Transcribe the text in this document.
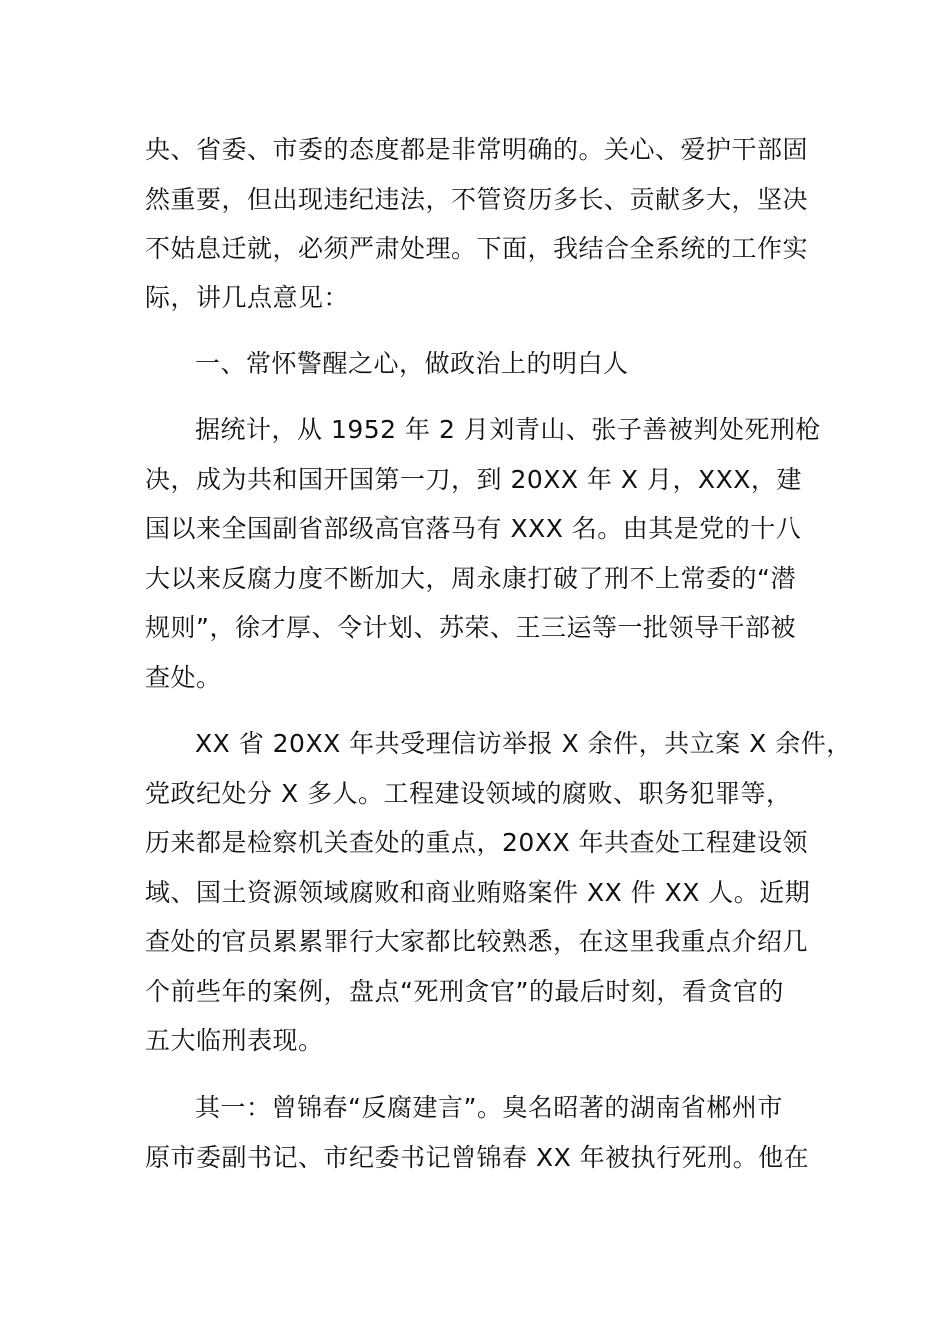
央、省委、市委的态度都是非常明确的。关心、爱护干部固
然重要，但出现违纪违法，不管资历多长、贡献多大，坚决
不姑息迁就，必须严肃处理。下面，我结合全系统的工作实
际，讲几点意见：
一、常怀警醒之心，做政治上的明白人
据统计，从 1952 年 2 月刘青山、张子善被判处死刑枪
决，成为共和国开国第一刀，到 20XX 年 X 月，XXX，建
国以来全国副省部级高官落马有 XXX 名。由其是党的十八
大以来反腐力度不断加大，周永康打破了刑不上常委的“潜
规则”，徐才厚、令计划、苏荣、王三运等一批领导干部被
查处。
XX 省 20XX 年共受理信访举报 X 余件，共立案 X 余件，
党政纪处分 X 多人。工程建设领域的腐败、职务犯罪等，
历来都是检察机关查处的重点，20XX 年共查处工程建设领
域、国土资源领域腐败和商业贿赂案件 XX 件 XX 人。近期
查处的官员累累罪行大家都比较熟悉，在这里我重点介绍几
个前些年的案例，盘点“死刑贪官”的最后时刻，看贪官的
五大临刑表现。
其一：曾锦春“反腐建言”。臭名昭著的湖南省郴州市
原市委副书记、市纪委书记曾锦春 XX 年被执行死刑。他在
